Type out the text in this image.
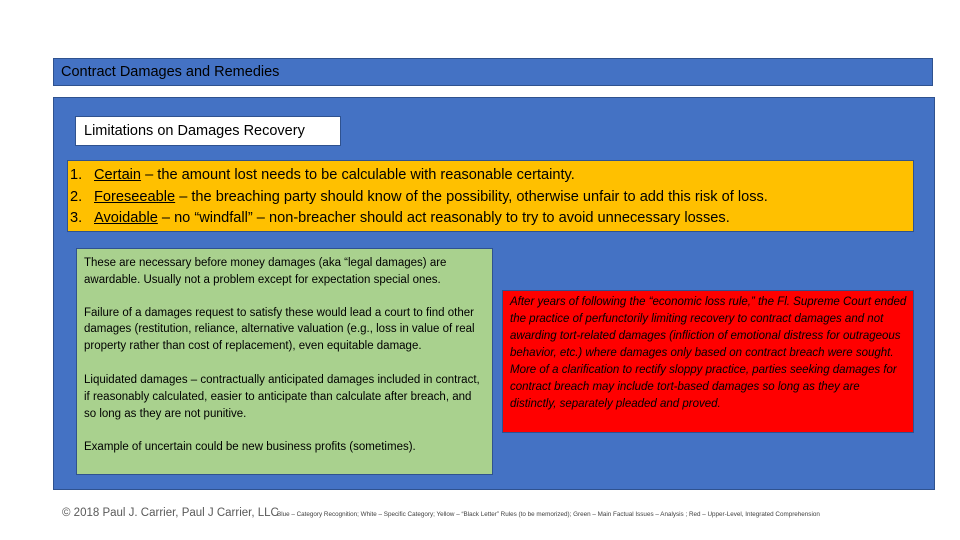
Contract Damages and Remedies
Limitations on Damages Recovery
1. Certain – the amount lost needs to be calculable with reasonable certainty.
2. Foreseeable – the breaching party should know of the possibility, otherwise unfair to add this risk of loss.
3. Avoidable – no “windfall” – non-breacher should act reasonably to try to avoid unnecessary losses.

These are necessary before money damages (aka “legal damages) are awardable. Usually not a problem except for expectation special ones.

Failure of a damages request to satisfy these would lead a court to find other damages (restitution, reliance, alternative valuation (e.g., loss in value of real property rather than cost of replacement), even equitable damage.

Liquidated damages – contractually anticipated damages included in contract, if reasonably calculated, easier to anticipate than calculate after breach, and so long as they are not punitive.

Example of uncertain could be new business profits (sometimes).

After years of following the “economic loss rule,” the Fl. Supreme Court ended the practice of perfunctorily limiting recovery to contract damages and not awarding tort-related damages (infliction of emotional distress for outrageous behavior, etc.) where damages only based on contract breach were sought. More of a clarification to rectify sloppy practice, parties seeking damages for contract breach may include tort-based damages so long as they are distinctly, separately pleaded and proved.
© 2018 Paul J. Carrier, Paul J Carrier, LLC
Blue – Category Recognition; White – Specific Category; Yellow – “Black Letter” Rules (to be memorized); Green – Main Factual Issues – Analysis ; Red – Upper-Level, Integrated Comprehension
